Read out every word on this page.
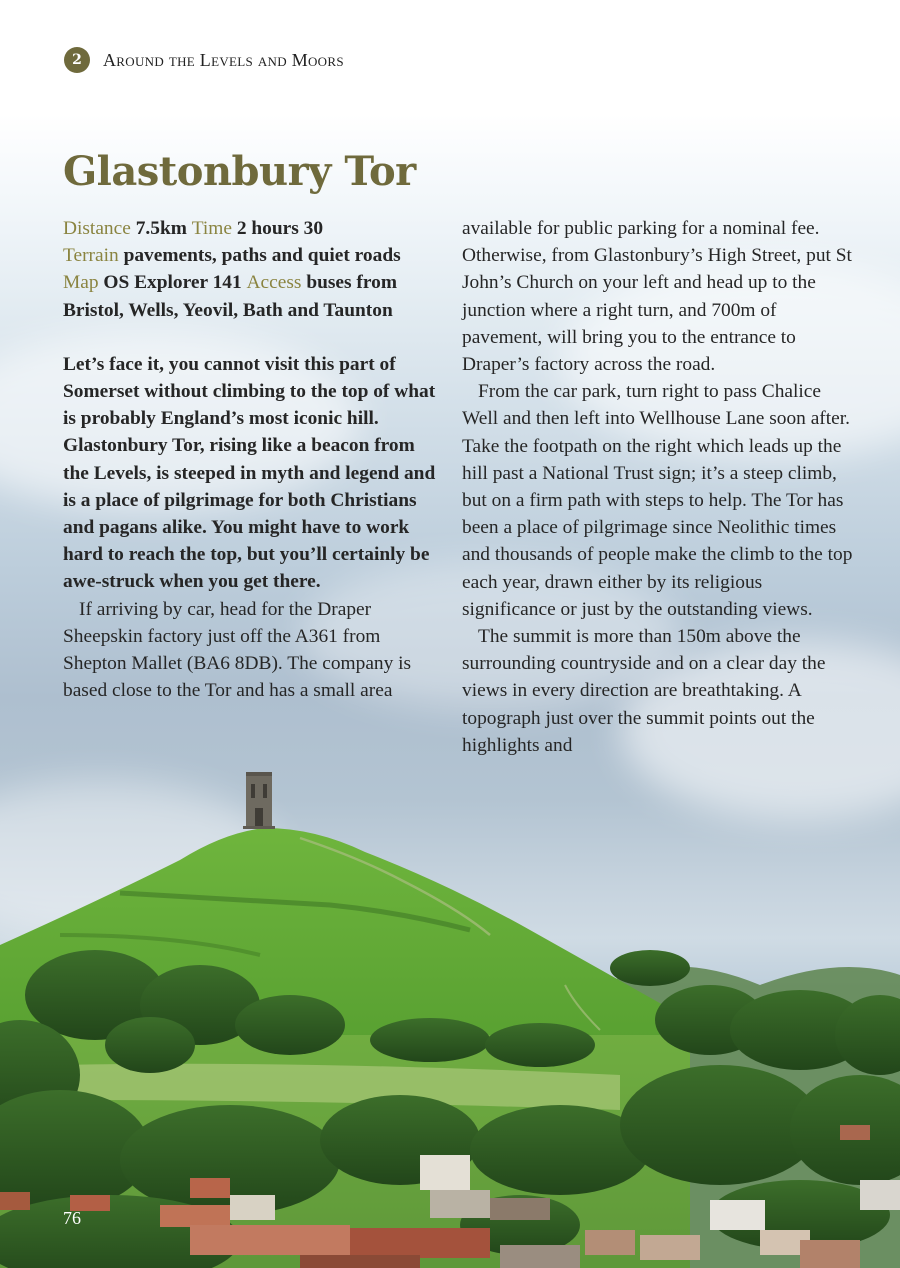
2	Around the Levels and Moors
Glastonbury Tor

Distance 7.5km Time 2 hours 30
Terrain pavements, paths and quiet roads
Map OS Explorer 141 Access buses from Bristol, Wells, Yeovil, Bath and Taunton

Let’s face it, you cannot visit this part of Somerset without climbing to the top of what is probably England’s most iconic hill. Glastonbury Tor, rising like a beacon from the Levels, is steeped in myth and legend and is a place of pilgrimage for both Christians and pagans alike. You might have to work hard to reach the top, but you’ll certainly be awe-struck when you get there.

If arriving by car, head for the Draper Sheepskin factory just off the A361 from Shepton Mallet (BA6 8DB). The company is based close to the Tor and has a small area

available for public parking for a nominal fee. Otherwise, from Glastonbury’s High Street, put St John’s Church on your left and head up to the junction where a right turn, and 700m of pavement, will bring you to the entrance to Draper’s factory across the road.

From the car park, turn right to pass Chalice Well and then left into Wellhouse Lane soon after. Take the footpath on the right which leads up the hill past a National Trust sign; it’s a steep climb, but on a firm path with steps to help. The Tor has been a place of pilgrimage since Neolithic times and thousands of people make the climb to the top each year, drawn either by its religious significance or just by the outstanding views.

The summit is more than 150m above the surrounding countryside and on a clear day the views in every direction are breathtaking. A topograph just over the summit points out the highlights and

76
